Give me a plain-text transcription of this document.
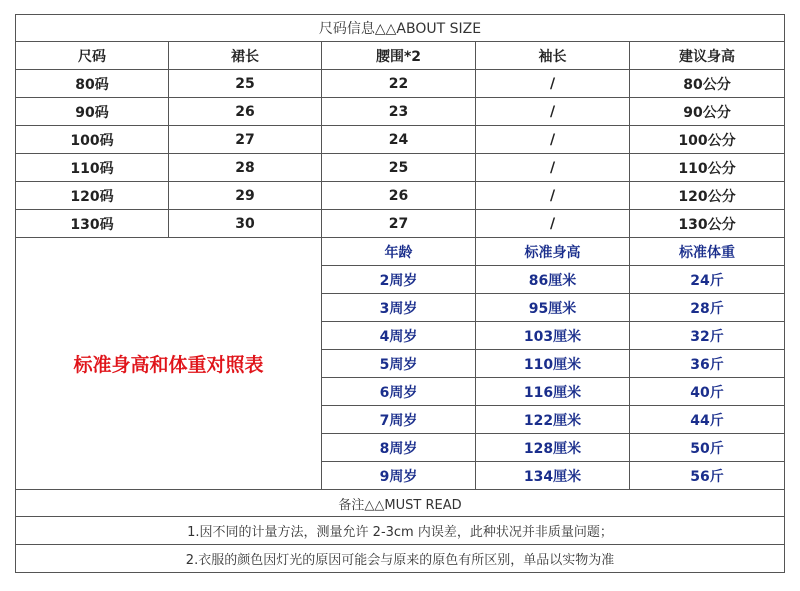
尺码信息△△ABOUT SIZE				
尺码	裙长	腰围*2	袖长	建议身高
80码	25	22	/	80公分
90码	26	23	/	90公分
100码	27	24	/	100公分
110码	28	25	/	110公分
120码	29	26	/	120公分
130码	30	27	/	130公分
标准身高和体重对照表		年龄	标准身高	标准体重
		2周岁	86厘米	24斤
		3周岁	95厘米	28斤
		4周岁	103厘米	32斤
		5周岁	110厘米	36斤
		6周岁	116厘米	40斤
		7周岁	122厘米	44斤
		8周岁	128厘米	50斤
		9周岁	134厘米	56斤
备注△△MUST READ				
1.因不同的计量方法，测量允许 2-3cm 内误差，此种状况并非质量问题；				
2.衣服的颜色因灯光的原因可能会与原来的原色有所区别，单品以实物为准				
